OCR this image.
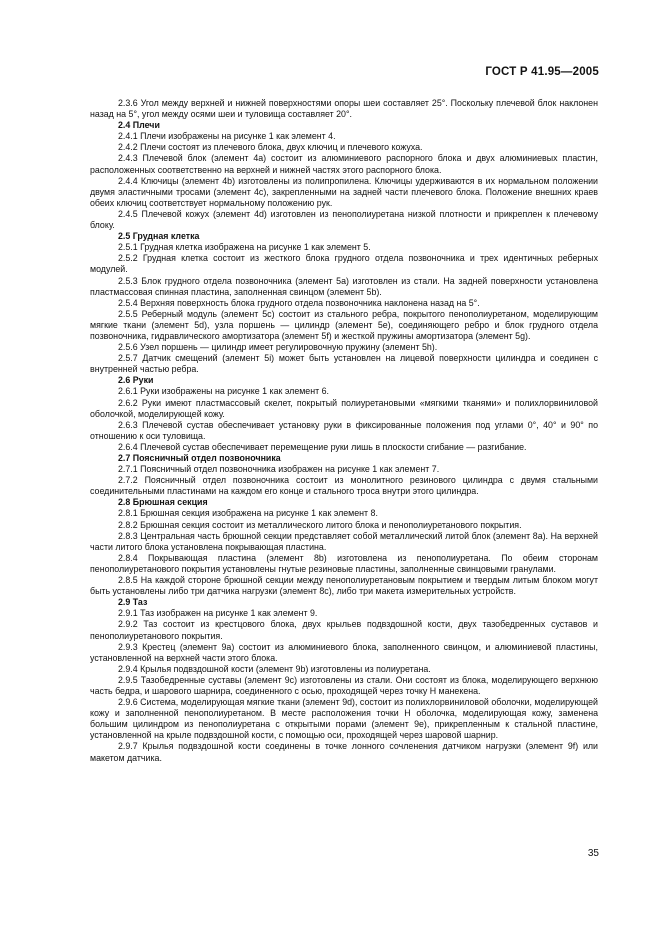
ГОСТ Р 41.95—2005

2.3.6 Угол между верхней и нижней поверхностями опоры шеи составляет 25°. Поскольку плечевой блок наклонен назад на 5°, угол между осями шеи и туловища составляет 20°.

2.4 Плечи

2.4.1 Плечи изображены на рисунке 1 как элемент 4.

2.4.2 Плечи состоят из плечевого блока, двух ключиц и плечевого кожуха.

2.4.3 Плечевой блок (элемент 4а) состоит из алюминиевого распорного блока и двух алюминиевых пластин, расположенных соответственно на верхней и нижней частях этого распорного блока.

2.4.4 Ключицы (элемент 4b) изготовлены из полипропилена. Ключицы удерживаются в их нормальном положении двумя эластичными тросами (элемент 4с), закрепленными на задней части плечевого блока. Положение внешних краев обеих ключиц соответствует нормальному положению рук.

2.4.5 Плечевой кожух (элемент 4d) изготовлен из пенополиуретана низкой плотности и прикреплен к плечевому блоку.

2.5 Грудная клетка

2.5.1 Грудная клетка изображена на рисунке 1 как элемент 5.

2.5.2 Грудная клетка состоит из жесткого блока грудного отдела позвоночника и трех идентичных реберных модулей.

2.5.3 Блок грудного отдела позвоночника (элемент 5а) изготовлен из стали. На задней поверхности установлена пластмассовая спинная пластина, заполненная свинцом (элемент 5b).

2.5.4 Верхняя поверхность блока грудного отдела позвоночника наклонена назад на 5°.

2.5.5 Реберный модуль (элемент 5с) состоит из стального ребра, покрытого пенополиуретаном, моделирующим мягкие ткани (элемент 5d), узла поршень — цилиндр (элемент 5е), соединяющего ребро и блок грудного отдела позвоночника, гидравлического амортизатора (элемент 5f) и жесткой пружины амортизатора (элемент 5g).

2.5.6 Узел поршень — цилиндр имеет регулировочную пружину (элемент 5h).

2.5.7 Датчик смещений (элемент 5i) может быть установлен на лицевой поверхности цилиндра и соединен с внутренней частью ребра.

2.6 Руки

2.6.1 Руки изображены на рисунке 1 как элемент 6.

2.6.2 Руки имеют пластмассовый скелет, покрытый полиуретановыми «мягкими тканями» и полихлорвиниловой оболочкой, моделирующей кожу.

2.6.3 Плечевой сустав обеспечивает установку руки в фиксированные положения под углами 0°, 40° и 90° по отношению к оси туловища.

2.6.4 Плечевой сустав обеспечивает перемещение руки лишь в плоскости сгибание — разгибание.

2.7 Поясничный отдел позвоночника

2.7.1 Поясничный отдел позвоночника изображен на рисунке 1 как элемент 7.

2.7.2 Поясничный отдел позвоночника состоит из монолитного резинового цилиндра с двумя стальными соединительными пластинами на каждом его конце и стального троса внутри этого цилиндра.

2.8 Брюшная секция

2.8.1 Брюшная секция изображена на рисунке 1 как элемент 8.

2.8.2 Брюшная секция состоит из металлического литого блока и пенополиуретанового покрытия.

2.8.3 Центральная часть брюшной секции представляет собой металлический литой блок (элемент 8а). На верхней части литого блока установлена покрывающая пластина.

2.8.4 Покрывающая пластина (элемент 8b) изготовлена из пенополиуретана. По обеим сторонам пенополиуретанового покрытия установлены гнутые резиновые пластины, заполненные свинцовыми гранулами.

2.8.5 На каждой стороне брюшной секции между пенополиуретановым покрытием и твердым литым блоком могут быть установлены либо три датчика нагрузки (элемент 8с), либо три макета измерительных устройств.

2.9 Таз

2.9.1 Таз изображен на рисунке 1 как элемент 9.

2.9.2 Таз состоит из крестцового блока, двух крыльев подвздошной кости, двух тазобедренных суставов и пенополиуретанового покрытия.

2.9.3 Крестец (элемент 9а) состоит из алюминиевого блока, заполненного свинцом, и алюминиевой пластины, установленной на верхней части этого блока.

2.9.4 Крылья подвздошной кости (элемент 9b) изготовлены из полиуретана.

2.9.5 Тазобедренные суставы (элемент 9с) изготовлены из стали. Они состоят из блока, моделирующего верхнюю часть бедра, и шарового шарнира, соединенного с осью, проходящей через точку Н манекена.

2.9.6 Система, моделирующая мягкие ткани (элемент 9d), состоит из полихлорвиниловой оболочки, моделирующей кожу и заполненной пенополиуретаном. В месте расположения точки Н оболочка, моделирующая кожу, заменена большим цилиндром из пенополиуретана с открытыми порами (элемент 9е), прикрепленным к стальной пластине, установленной на крыле подвздошной кости, с помощью оси, проходящей через шаровой шарнир.

2.9.7 Крылья подвздошной кости соединены в точке лонного сочленения датчиком нагрузки (элемент 9f) или макетом датчика.

35
